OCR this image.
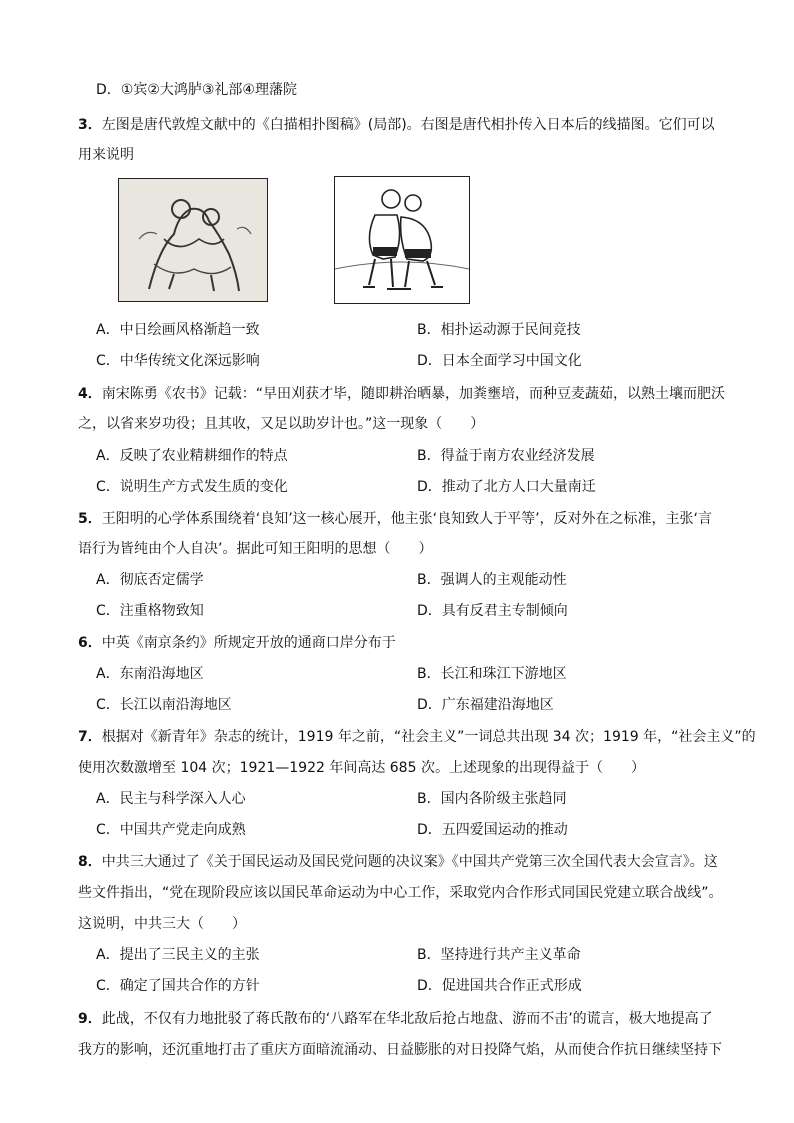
D．①宾②大鸿胪③礼部④理藩院
3．左图是唐代敦煌文献中的《白描相扑图稿》(局部)。右图是唐代相扑传入日本后的线描图。它们可以
用来说明
A．中日绘画风格渐趋一致	B．相扑运动源于民间竞技
C．中华传统文化深远影响	D．日本全面学习中国文化
4．南宋陈勇《农书》记载：“早田刈获才毕，随即耕治晒暴，加粪壅培，而种豆麦蔬茹，以熟土壤而肥沃
之，以省来岁功役；且其收，又足以助岁计也。”这一现象（　　）
A．反映了农业精耕细作的特点	B．得益于南方农业经济发展
C．说明生产方式发生质的变化	D．推动了北方人口大量南迁
5．王阳明的心学体系围绕着‘良知’这一核心展开，他主张‘良知致人于平等’，反对外在之标准，主张‘言
语行为皆纯由个人自决’。据此可知王阳明的思想（　　）
A．彻底否定儒学	B．强调人的主观能动性
C．注重格物致知	D．具有反君主专制倾向
6．中英《南京条约》所规定开放的通商口岸分布于
A．东南沿海地区	B．长江和珠江下游地区
C．长江以南沿海地区	D．广东福建沿海地区
7．根据对《新青年》杂志的统计，1919 年之前，“社会主义”一词总共出现 34 次；1919 年，“社会主义”的
使用次数激增至 104 次；1921—1922 年间高达 685 次。上述现象的出现得益于（　　）
A．民主与科学深入人心	B．国内各阶级主张趋同
C．中国共产党走向成熟	D．五四爱国运动的推动
8．中共三大通过了《关于国民运动及国民党问题的决议案》《中国共产党第三次全国代表大会宣言》。这
些文件指出，“党在现阶段应该以国民革命运动为中心工作，采取党内合作形式同国民党建立联合战线”。
这说明，中共三大（　　）
A．提出了三民主义的主张	B．坚持进行共产主义革命
C．确定了国共合作的方针	D．促进国共合作正式形成
9．此战，不仅有力地批驳了蒋氏散布的‘八路军在华北敌后抢占地盘、游而不击’的谎言，极大地提高了
我方的影响，还沉重地打击了重庆方面暗流涌动、日益膨胀的对日投降气焰，从而使合作抗日继续坚持下
